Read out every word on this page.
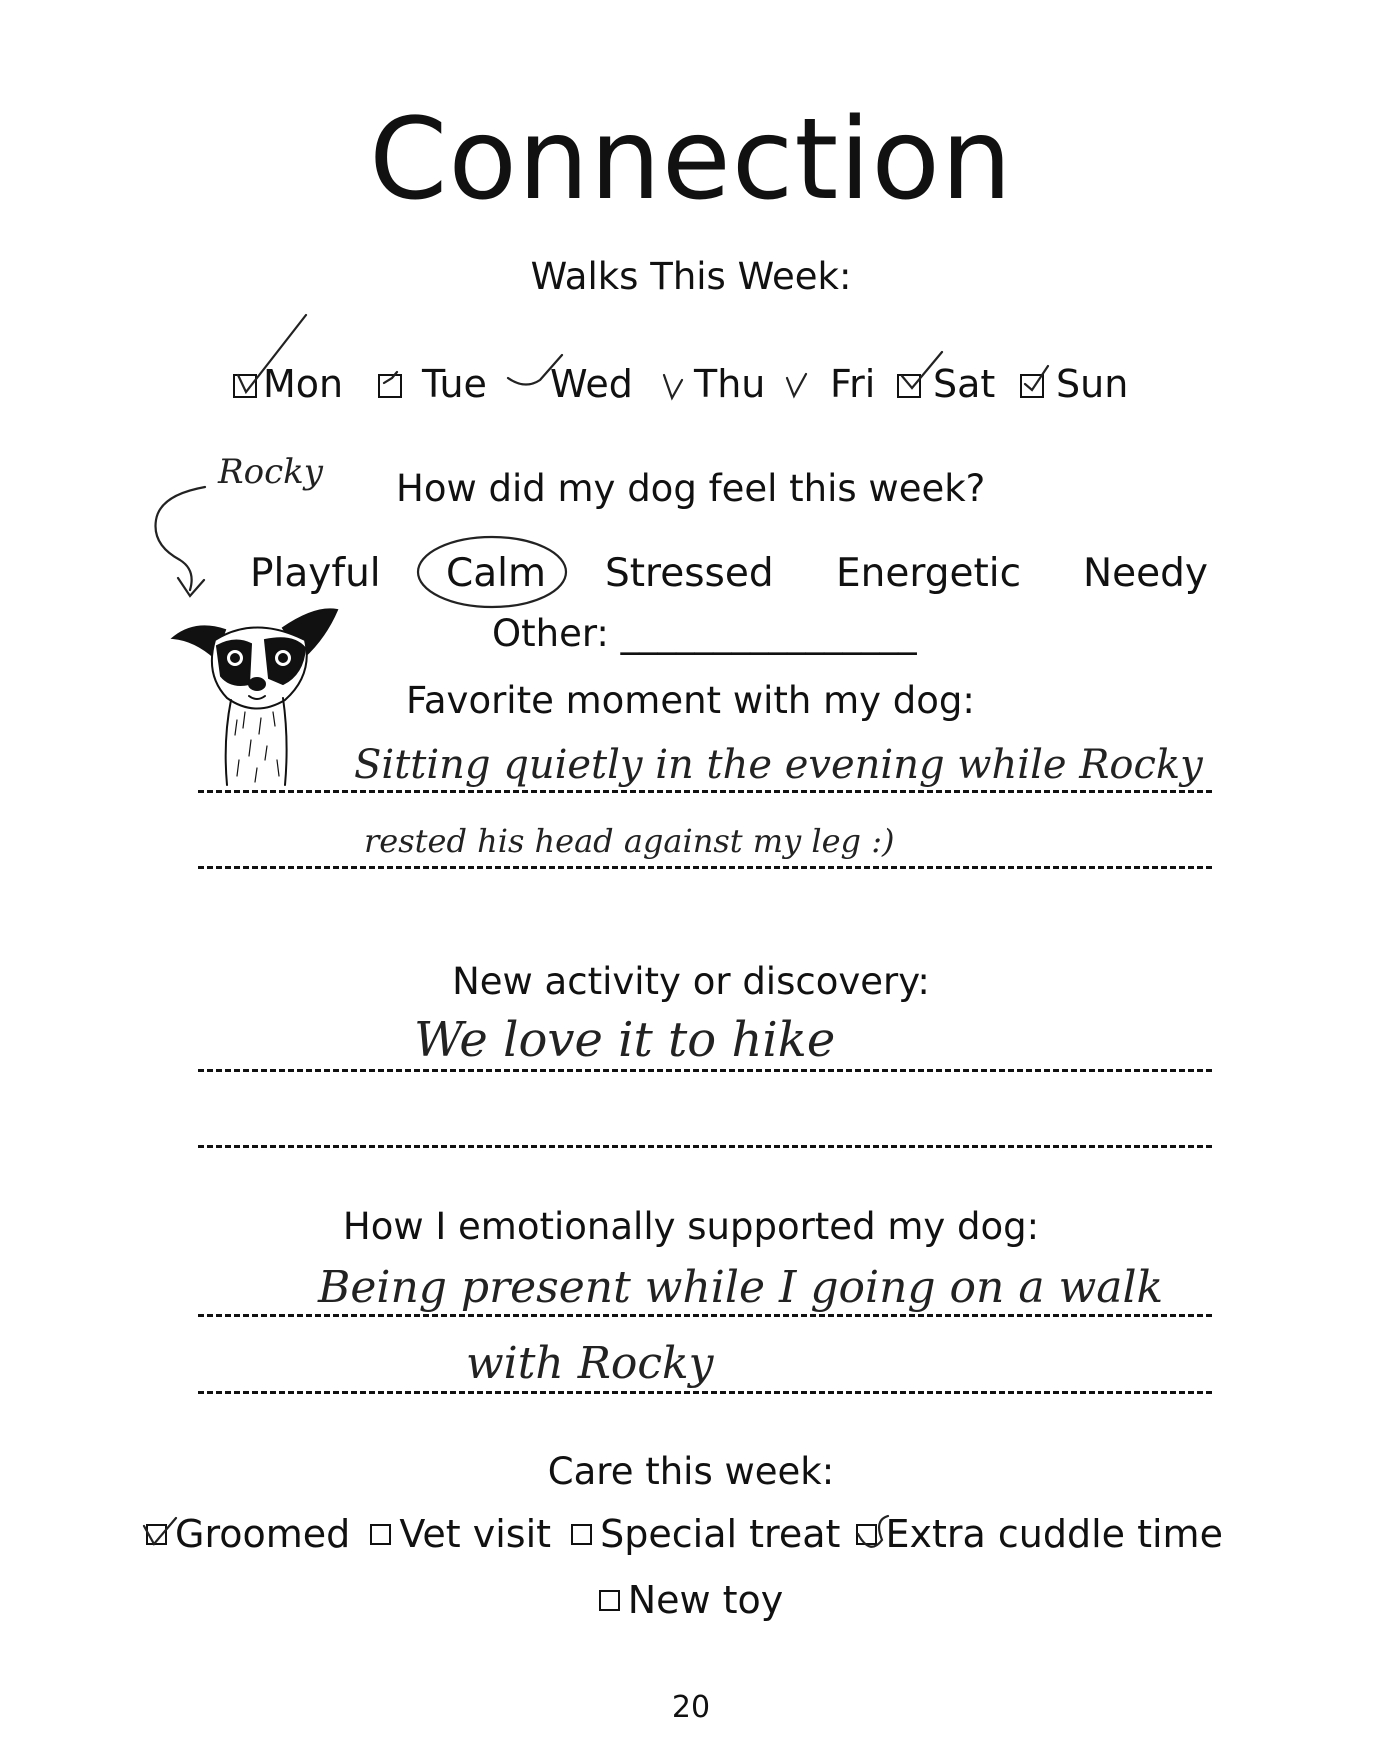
Connection
Walks This Week:
Mon	Tue Wed Thu Fri	Sat	Sun
Rocky How did my dog feel this week?
Playful Calm Stressed Energetic Needy
Other: ________________
Favorite moment with my dog:
Sitting quietly in the evening while Rocky
rested his head against my leg :)
New activity or discovery:
We love it to hike
How I emotionally supported my dog:
Being present while I going on a walk
with Rocky
Care this week:
Groomed Vet visit Special treat Extra cuddle time
New toy
20
